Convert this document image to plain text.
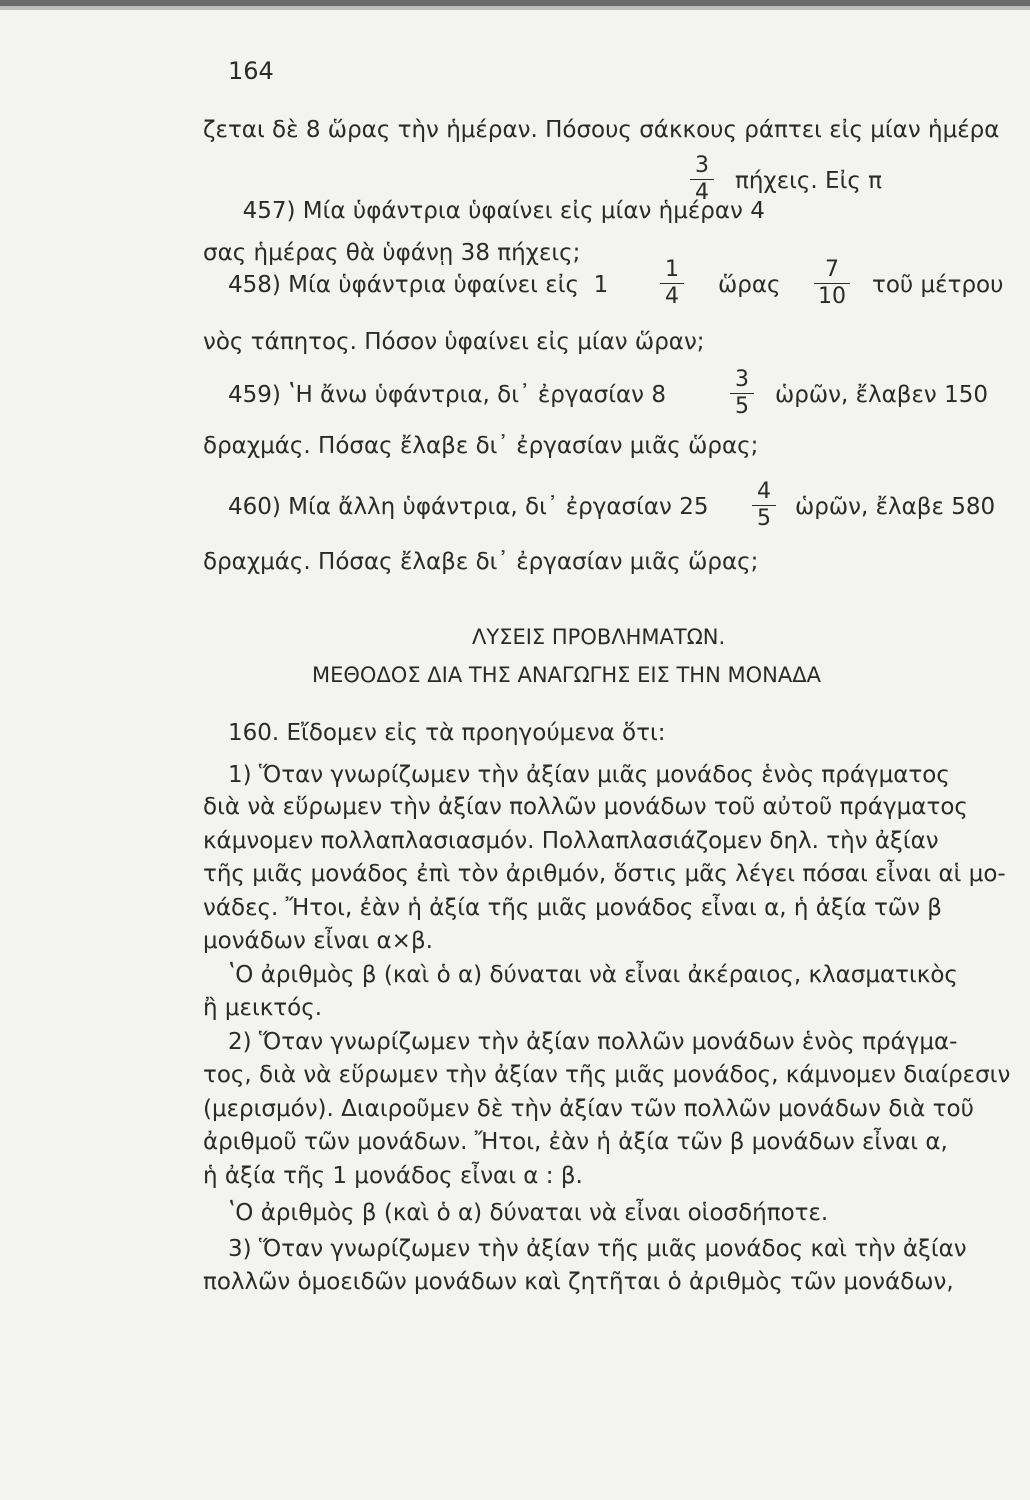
164
ζεται δὲ 8 ὥρας τὴν ἡμέραν. Πόσους σάκκους ράπτει εἰς μίαν ἡμέρα

457) Μία ὑφάντρια ὑφαίνει εἰς μίαν ἡμέραν 4

3
4	πήχεις. Εἰς π
σας ἡμέρας θὰ ὑφάνῃ 38 πήχεις;
458) Μία ὑφάντρια ὑφαίνει εἰς  1
1
4	ὥρας
7
10 τοῦ μέτρου
νὸς τάπητος. Πόσον ὑφαίνει εἰς μίαν ὥραν;
459) ʽΗ ἄνω ὑφάντρια, δι᾽ ἐργασίαν 8
3
5	ὡρῶν, ἔλαβεν 150
δραχμάς. Πόσας ἔλαβε δι᾽ ἐργασίαν μιᾶς ὥρας;
460) Μία ἄλλη ὑφάντρια, δι᾽ ἐργασίαν 25
4
5	ὡρῶν, ἔλαβε 580
δραχμάς. Πόσας ἔλαβε δι᾽ ἐργασίαν μιᾶς ὥρας;
ΛΥΣΕΙΣ ΠΡΟΒΛΗΜΑΤΩΝ.
ΜΕΘΟΔΟΣ ΔΙΑ ΤΗΣ ΑΝΑΓΩΓΗΣ ΕΙΣ ΤΗΝ ΜΟΝΑΔΑ
160. Εἴδομεν εἰς τὰ προηγούμενα ὅτι:
1) Ὅταν γνωρίζωμεν τὴν ἀξίαν μιᾶς μονάδος ἑνὸς πράγματος
διὰ νὰ εὕρωμεν τὴν ἀξίαν πολλῶν μονάδων τοῦ αὐτοῦ πράγματος
κάμνομεν πολλαπλασιασμόν. Πολλαπλασιάζομεν δηλ. τὴν ἀξίαν
τῆς μιᾶς μονάδος ἐπὶ τὸν ἀριθμόν, ὅστις μᾶς λέγει πόσαι εἶναι αἱ μο-
νάδες. Ἤτοι, ἐὰν ἡ ἀξία τῆς μιᾶς μονάδος εἶναι α, ἡ ἀξία τῶν β
μονάδων εἶναι α×β.
ʽΟ ἀριθμὸς β (καὶ ὁ α) δύναται νὰ εἶναι ἀκέραιος, κλασματικὸς
ἢ μεικτός.
2) Ὅταν γνωρίζωμεν τὴν ἀξίαν πολλῶν μονάδων ἑνὸς πράγμα-
τος, διὰ νὰ εὕρωμεν τὴν ἀξίαν τῆς μιᾶς μονάδος, κάμνομεν διαίρεσιν
(μερισμόν). Διαιροῦμεν δὲ τὴν ἀξίαν τῶν πολλῶν μονάδων διὰ τοῦ
ἀριθμοῦ τῶν μονάδων. Ἤτοι, ἐὰν ἡ ἀξία τῶν β μονάδων εἶναι α,
ἡ ἀξία τῆς 1 μονάδος εἶναι α : β.
ʽΟ ἀριθμὸς β (καὶ ὁ α) δύναται νὰ εἶναι οἱοσδήποτε.
3) Ὅταν γνωρίζωμεν τὴν ἀξίαν τῆς μιᾶς μονάδος καὶ τὴν ἀξίαν
πολλῶν ὁμοειδῶν μονάδων καὶ ζητῆται ὁ ἀριθμὸς τῶν μονάδων,
